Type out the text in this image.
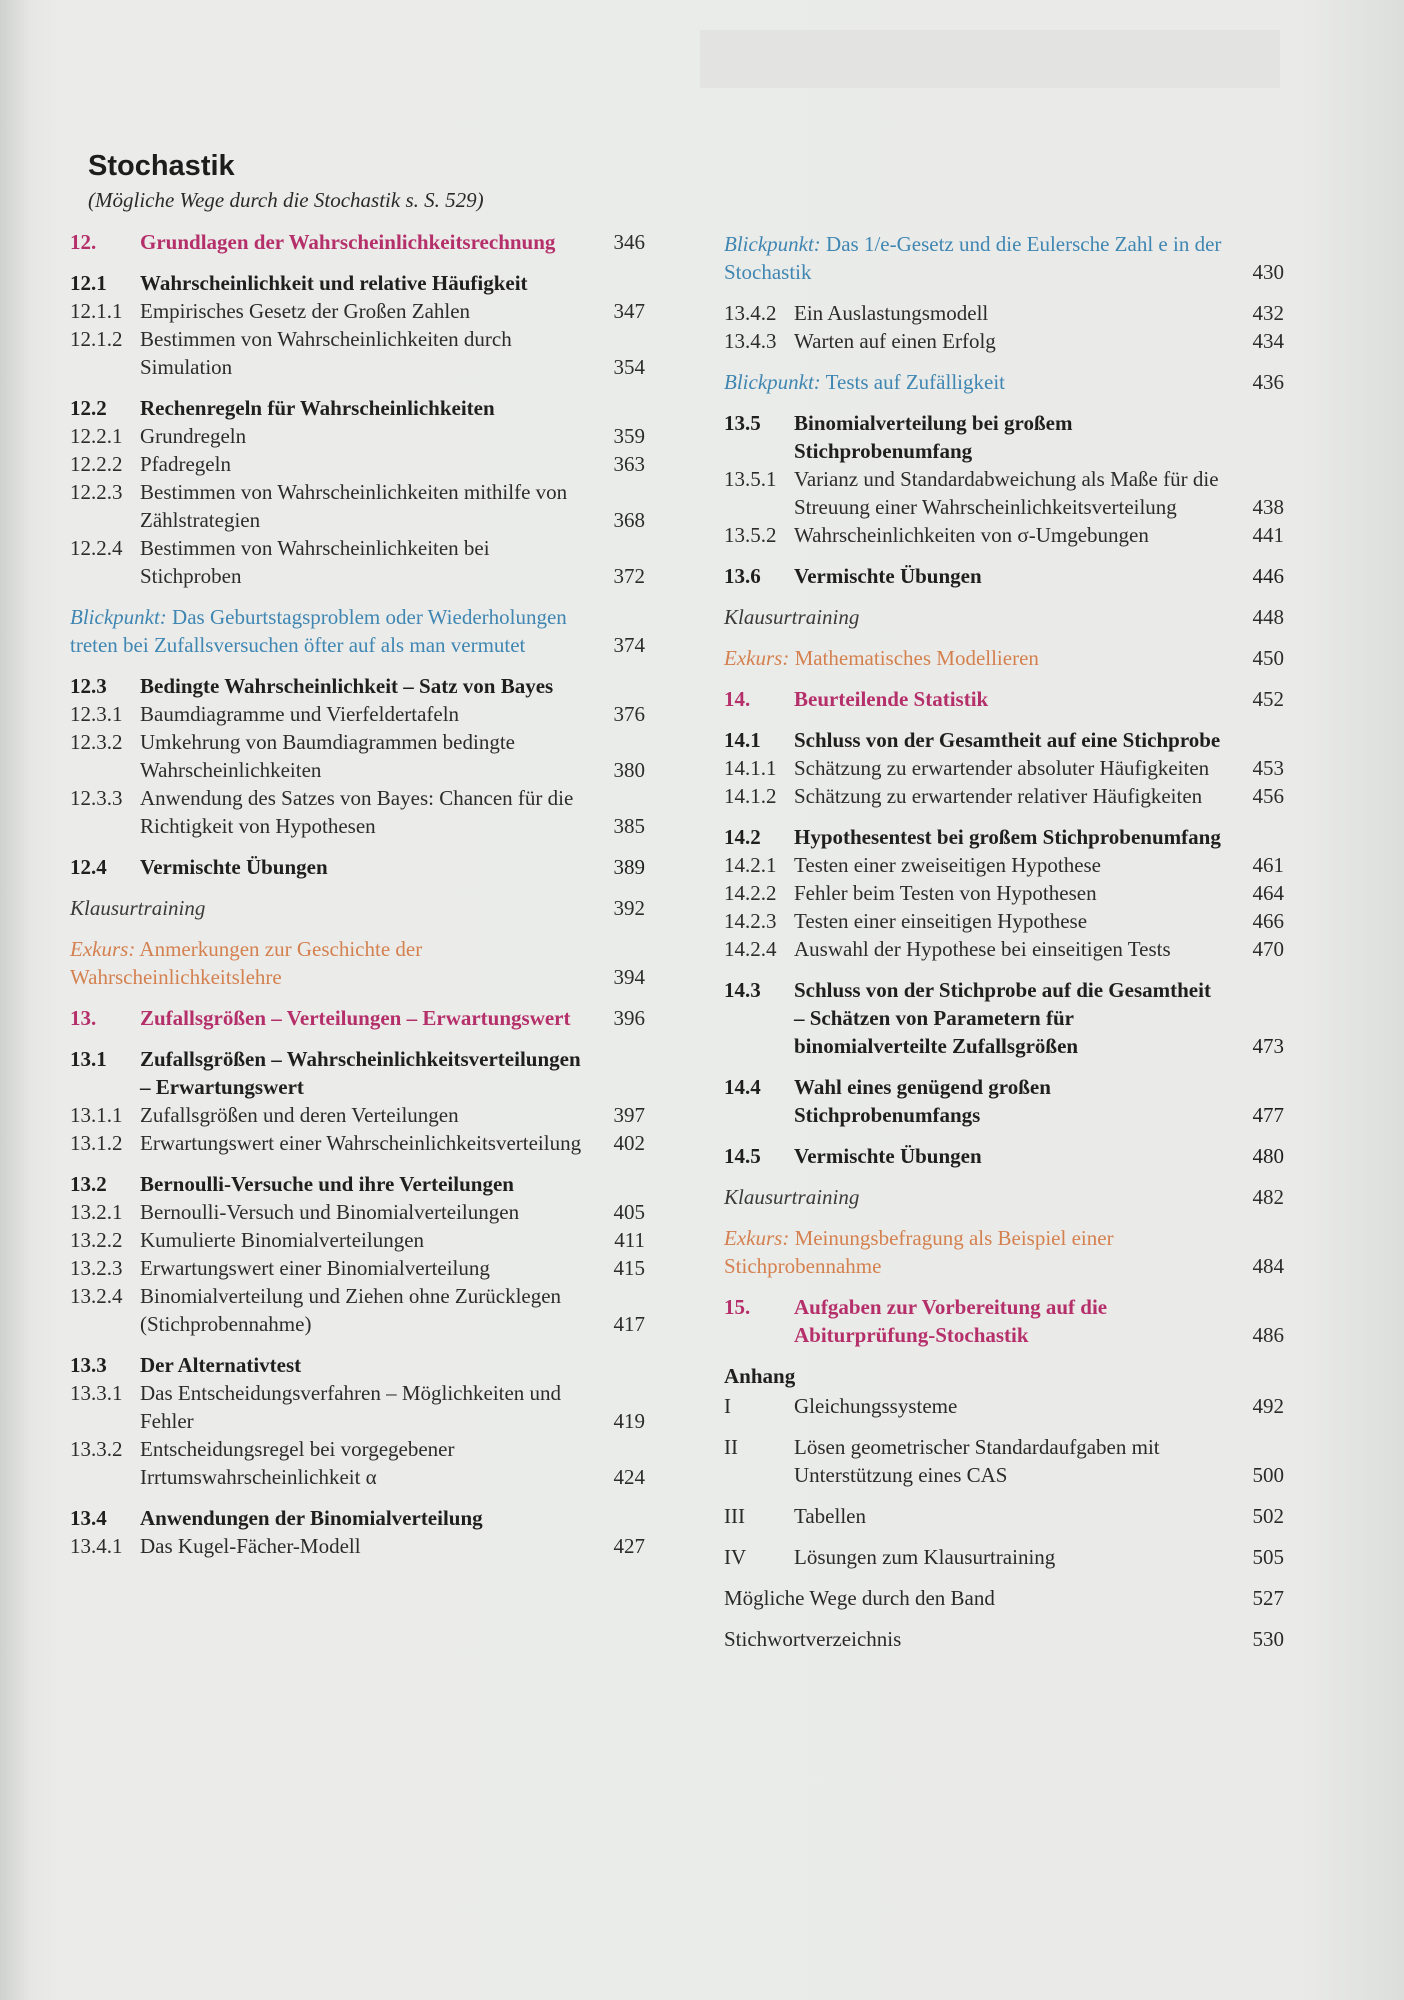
Stochastik
(Mögliche Wege durch die Stochastik s. S. 529)
12.	Grundlagen der Wahrscheinlichkeitsrechnung	346
12.1	Wahrscheinlichkeit und relative Häufigkeit
12.1.1 Empirisches Gesetz der Großen Zahlen	347
12.1.2 Bestimmen von Wahrscheinlichkeiten durch Simulation	354
12.2	Rechenregeln für Wahrscheinlichkeiten
12.2.1 Grundregeln	359
12.2.2 Pfadregeln	363
12.2.3 Bestimmen von Wahrscheinlichkeiten mithilfe von Zählstrategien	368
12.2.4 Bestimmen von Wahrscheinlichkeiten bei Stichproben	372
Blickpunkt: Das Geburtstagsproblem oder Wiederholungen treten bei Zufallsversuchen öfter auf als man vermutet	374
12.3	Bedingte Wahrscheinlichkeit – Satz von Bayes
12.3.1 Baumdiagramme und Vierfeldertafeln	376
12.3.2 Umkehrung von Baumdiagrammen bedingte Wahrscheinlichkeiten	380
12.3.3 Anwendung des Satzes von Bayes: Chancen für die Richtigkeit von Hypothesen	385
12.4	Vermischte Übungen	389
Klausurtraining	392
Exkurs: Anmerkungen zur Geschichte der Wahrscheinlichkeitslehre	394
13.	Zufallsgrößen – Verteilungen – Erwartungswert	396
13.1	Zufallsgrößen – Wahrscheinlichkeitsverteilungen – Erwartungswert
13.1.1 Zufallsgrößen und deren Verteilungen	397
13.1.2 Erwartungswert einer Wahrscheinlichkeitsverteilung	402
13.2	Bernoulli-Versuche und ihre Verteilungen
13.2.1 Bernoulli-Versuch und Binomialverteilungen	405
13.2.2 Kumulierte Binomialverteilungen	411
13.2.3 Erwartungswert einer Binomialverteilung	415
13.2.4 Binomialverteilung und Ziehen ohne Zurücklegen (Stichprobennahme)	417
13.3	Der Alternativtest
13.3.1 Das Entscheidungsverfahren – Möglichkeiten und Fehler	419
13.3.2 Entscheidungsregel bei vorgegebener Irrtumswahrscheinlichkeit α	424
13.4	Anwendungen der Binomialverteilung
13.4.1 Das Kugel-Fächer-Modell	427
Blickpunkt: Das 1/e-Gesetz und die Eulersche Zahl e in der Stochastik	430
13.4.2 Ein Auslastungsmodell	432
13.4.3 Warten auf einen Erfolg	434
Blickpunkt: Tests auf Zufälligkeit	436
13.5	Binomialverteilung bei großem Stichprobenumfang
13.5.1 Varianz und Standardabweichung als Maße für die Streuung einer Wahrscheinlichkeitsverteilung	438
13.5.2 Wahrscheinlichkeiten von σ-Umgebungen	441
13.6	Vermischte Übungen	446
Klausurtraining	448
Exkurs: Mathematisches Modellieren	450
14.	Beurteilende Statistik	452
14.1	Schluss von der Gesamtheit auf eine Stichprobe
14.1.1 Schätzung zu erwartender absoluter Häufigkeiten	453
14.1.2 Schätzung zu erwartender relativer Häufigkeiten	456
14.2	Hypothesentest bei großem Stichprobenumfang
14.2.1 Testen einer zweiseitigen Hypothese	461
14.2.2 Fehler beim Testen von Hypothesen	464
14.2.3 Testen einer einseitigen Hypothese	466
14.2.4 Auswahl der Hypothese bei einseitigen Tests	470
14.3	Schluss von der Stichprobe auf die Gesamtheit – Schätzen von Parametern für binomialverteilte Zufallsgrößen	473
14.4	Wahl eines genügend großen Stichprobenumfangs	477
14.5	Vermischte Übungen	480
Klausurtraining	482
Exkurs: Meinungsbefragung als Beispiel einer Stichprobennahme	484
15.	Aufgaben zur Vorbereitung auf die Abiturprüfung-Stochastik	486
Anhang
I	Gleichungssysteme	492
II	Lösen geometrischer Standardaufgaben mit Unterstützung eines CAS	500
III	Tabellen	502
IV	Lösungen zum Klausurtraining	505
Mögliche Wege durch den Band	527
Stichwortverzeichnis	530
